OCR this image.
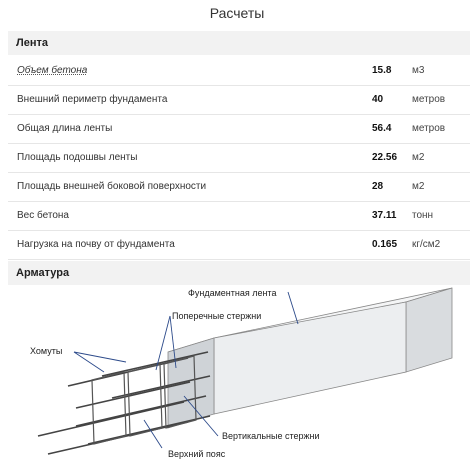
Расчеты
Лента
Объем бетона	15.8 м3
Внешний периметр фундамента	40	метров
Общая длина ленты	56.4 метров
Площадь подошвы ленты	22.56 м2
Площадь внешней боковой поверхности	28	м2
Вес бетона	37.11 тонн
Нагрузка на почву от фундамента	0.165 кг/см2
Арматура
Фундаментная лента
Поперечные стержни
Хомуты
Вертикальные стержни
Верхний пояс
